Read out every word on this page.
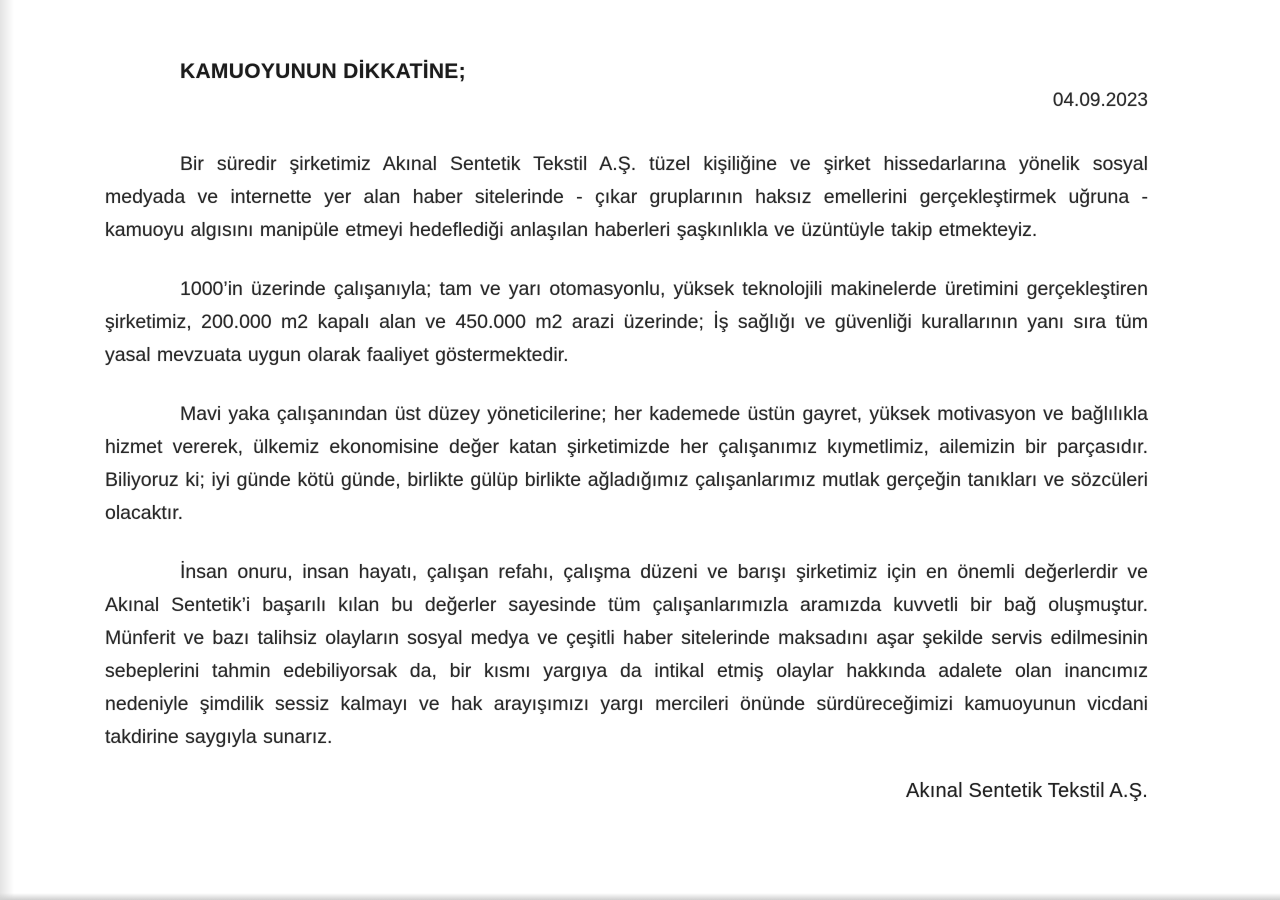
KAMUOYUNUN DİKKATİNE;
04.09.2023

Bir süredir şirketimiz Akınal Sentetik Tekstil A.Ş. tüzel kişiliğine ve şirket hissedarlarına yönelik sosyal medyada ve internette yer alan haber sitelerinde - çıkar gruplarının haksız emellerini gerçekleştirmek uğruna - kamuoyu algısını manipüle etmeyi hedeflediği anlaşılan haberleri şaşkınlıkla ve üzüntüyle takip etmekteyiz.

1000’in üzerinde çalışanıyla; tam ve yarı otomasyonlu, yüksek teknolojili makinelerde üretimini gerçekleştiren şirketimiz, 200.000 m2 kapalı alan ve 450.000 m2 arazi üzerinde; İş sağlığı ve güvenliği kurallarının yanı sıra tüm yasal mevzuata uygun olarak faaliyet göstermektedir.

Mavi yaka çalışanından üst düzey yöneticilerine; her kademede üstün gayret, yüksek motivasyon ve bağlılıkla hizmet vererek, ülkemiz ekonomisine değer katan şirketimizde her çalışanımız kıymetlimiz, ailemizin bir parçasıdır. Biliyoruz ki; iyi günde kötü günde, birlikte gülüp birlikte ağladığımız çalışanlarımız mutlak gerçeğin tanıkları ve sözcüleri olacaktır.

İnsan onuru, insan hayatı, çalışan refahı, çalışma düzeni ve barışı şirketimiz için en önemli değerlerdir ve Akınal Sentetik’i başarılı kılan bu değerler sayesinde tüm çalışanlarımızla aramızda kuvvetli bir bağ oluşmuştur. Münferit ve bazı talihsiz olayların sosyal medya ve çeşitli haber sitelerinde maksadını aşar şekilde servis edilmesinin sebeplerini tahmin edebiliyorsak da, bir kısmı yargıya da intikal etmiş olaylar hakkında adalete olan inancımız nedeniyle şimdilik sessiz kalmayı ve hak arayışımızı yargı mercileri önünde sürdüreceğimizi kamuoyunun vicdani takdirine saygıyla sunarız.

Akınal Sentetik Tekstil A.Ş.
